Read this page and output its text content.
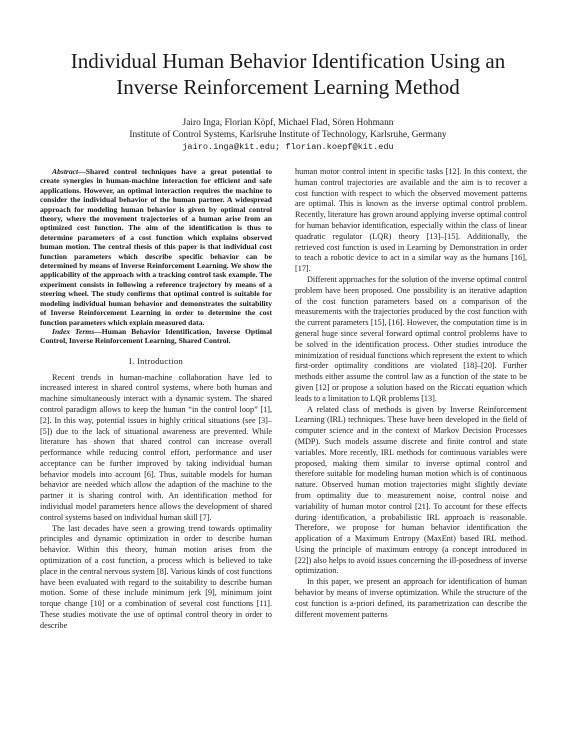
Individual Human Behavior Identification Using an Inverse Reinforcement Learning Method
Jairo Inga, Florian Köpf, Michael Flad, Sören Hohmann
Institute of Control Systems, Karlsruhe Institute of Technology, Karlsruhe, Germany
jairo.inga@kit.edu; florian.koepf@kit.edu

Abstract—Shared control techniques have a great potential to create synergies in human-machine interaction for efficient and safe applications. However, an optimal interaction requires the machine to consider the individual behavior of the human partner. A widespread approach for modeling human behavior is given by optimal control theory, where the movement trajectories of a human arise from an optimized cost function. The aim of the identification is thus to determine parameters of a cost function which explains observed human motion. The central thesis of this paper is that individual cost function parameters which describe specific behavior can be determined by means of Inverse Reinforcement Learning. We show the applicability of the approach with a tracking control task example. The experiment consists in following a reference trajectory by means of a steering wheel. The study confirms that optimal control is suitable for modeling individual human behavior and demonstrates the suitability of Inverse Reinforcement Learning in order to determine the cost function parameters which explain measured data.

Index Terms—Human Behavior Identification, Inverse Optimal Control, Inverse Reinforcement Learning, Shared Control.

I. Introduction

Recent trends in human-machine collaboration have led to increased interest in shared control systems, where both human and machine simultaneously interact with a dynamic system. The shared control paradigm allows to keep the human “in the control loop” [1], [2]. In this way, potential issues in highly critical situations (see [3]–[5]) due to the lack of situational awareness are prevented. While literature has shown that shared control can increase overall performance while reducing control effort, performance and user acceptance can be further improved by taking individual human behavior models into account [6]. Thus, suitable models for human behavior are needed which allow the adaption of the machine to the partner it is sharing control with. An identification method for individual model parameters hence allows the development of shared control systems based on individual human skill [7].

The last decades have seen a growing trend towards optimality principles and dynamic optimization in order to describe human behavior. Within this theory, human motion arises from the optimization of a cost function, a process which is believed to take place in the central nervous system [8]. Various kinds of cost functions have been evaluated with regard to the suitability to describe human motion. Some of these include minimum jerk [9], minimum joint torque change [10] or a combination of several cost functions [11]. These studies motivate the use of optimal control theory in order to describe

human motor control intent in specific tasks [12]. In this context, the human control trajectories are available and the aim is to recover a cost function with respect to which the observed movement patterns are optimal. This is known as the inverse optimal control problem. Recently, literature has grown around applying inverse optimal control for human behavior identification, especially within the class of linear quadratic regulator (LQR) theory [13]–[15]. Additionally, the retrieved cost function is used in Learning by Demonstration in order to teach a robotic device to act in a similar way as the humans [16], [17].

Different approaches for the solution of the inverse optimal control problem have been proposed. One possibility is an iterative adaption of the cost function parameters based on a comparison of the measurements with the trajectories produced by the cost function with the current parameters [15], [16]. However, the computation time is in general huge since several forward optimal control problems have to be solved in the identification process. Other studies introduce the minimization of residual functions which represent the extent to which first-order optimality conditions are violated [18]–[20]. Further methods either assume the control law as a function of the state to be given [12] or propose a solution based on the Riccati equation which leads to a limitation to LQR problems [13].

A related class of methods is given by Inverse Reinforcement Learning (IRL) techniques. These have been developed in the field of computer science and in the context of Markov Decision Processes (MDP). Such models assume discrete and finite control and state variables. More recently, IRL methods for continuous variables were proposed, making them similar to inverse optimal control and therefore suitable for modeling human motion which is of continuous nature. Observed human motion trajectories might slightly deviate from optimality due to measurement noise, control noise and variability of human motor control [21]. To account for these effects during identification, a probabilistic IRL approach is reasonable. Therefore, we propose for human behavior identification the application of a Maximum Entropy (MaxEnt) based IRL method. Using the principle of maximum entropy (a concept introduced in [22]) also helps to avoid issues concerning the ill-posedness of inverse optimization.

In this paper, we present an approach for identification of human behavior by means of inverse optimization. While the structure of the cost function is a-priori defined, its parametrization can describe the different movement patterns
